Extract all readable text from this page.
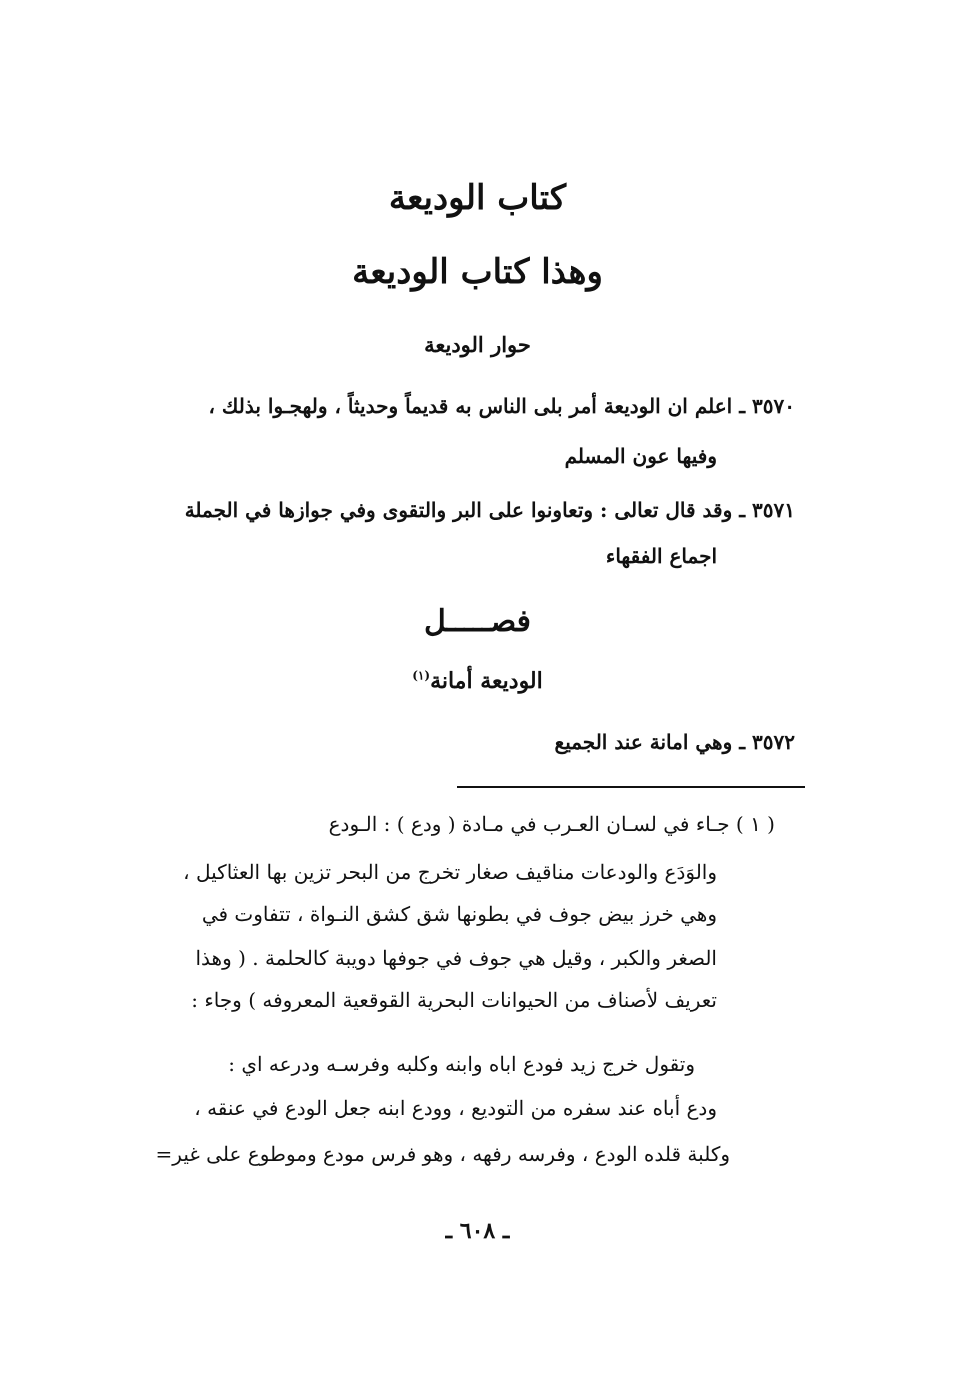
كتاب الوديعة
وهذا كتاب الوديعة
حوار الوديعة
٣٥٧٠ ـ اعلم ان الوديعة أمر بلى الناس به قديماً وحديثاً ، ولهجـوا بذلك ،
وفيها عون المسلم
٣٥٧١ ـ وقد قال تعالى : وتعاونوا على البر والتقوى وفي جوازها في الجملة
اجماع الفقهاء
فصـــــل
الوديعة أمانة$^{(١)}$
٣٥٧٢ ـ وهي امانة عند الجميع
( ١ ) جـاء في لسـان العـرب في مـادة ( ودع ) : الـودع
والوَدَع والودعات مناقيف صغار تخرج من البحر تزين بها العثاكيل ،
وهي خرز بيض جوف في بطونها شق كشق النـواة ، تتفاوت في
الصغر والكبر ، وقيل هي جوف في جوفها دويبة كالحلمة . ( وهذا
تعريف لأصناف من الحيوانات البحرية القوقعية المعروفه ) وجاء :
وتقول خرج زيد فودع اباه وابنه وكلبه وفرسـه ودرعه اي :
ودع أباه عند سفره من التوديع ، وودع ابنه جعل الودع في عنقه ،
وكلبة قلده الودع ، وفرسه رفهه ، وهو فرس مودع وموطوع على غير=
ـ ٦٠٨ ـ
